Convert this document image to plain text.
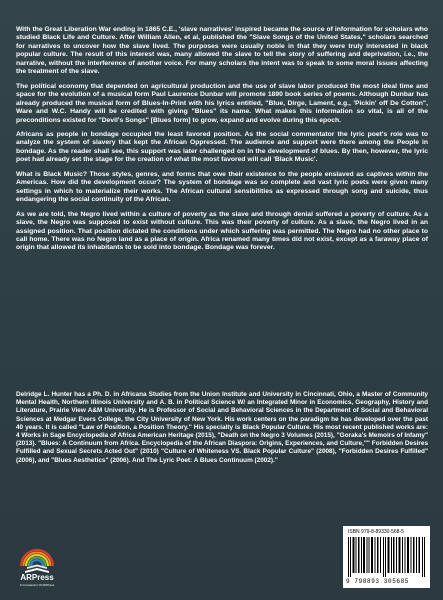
With the Great Liberation War ending in 1865 C.E., 'slave narratives' inspired became the source of information for scholars who studied Black Life and Culture. After William Allen, et al, published the "Slave Songs of the United States," scholars searched for narratives to uncover how the slave lived. The purposes were usually noble in that they were truly interested in black popular culture. The result of this interest was, many allowed the slave to tell the story of suffering and deprivation, i.e., the narrative, without the interference of another voice. For many scholars the intent was to speak to some moral issues affecting the treatment of the slave.

The political economy that depended on agricultural production and the use of slave labor produced the most ideal time and space for the evolution of a musical form Paul Laurence Dunbar will promote 1890 book series of poems. Although Dunbar has already produced the musical form of Blues-In-Print with his lyrics entitled, "Blue, Dirge, Lament, e.g., 'Pickin' off De Cotton", Ware and W.C. Handy will be credited with giving "Blues" its name. What makes this information so vital, is all of the preconditions existed for "Devil's Songs" [Blues form] to grow, expand and evolve during this epoch.

Africans as people in bondage occupied the least favored position. As the social commentator the lyric poet's role was to analyze the system of slavery that kept the African Oppressed. The audience and support were there among the People in bondage. As the reader shall see, this support was later challenged on in the development of blues. By then, however, the lyric poet had already set the stage for the creation of what the most favored will call 'Black Music'.

What is Black Music? Those styles, genres, and forms that owe their existence to the people enslaved as captives within the Americas. How did the development occur? The system of bondage was so complete and vast lyric poets were given many settings in which to materialize their works. The African cultural sensibilities as expressed through song and suicide, thus endangering the social continuity of the African.

As we are told, the Negro lived within a culture of poverty as the slave and through denial suffered a poverty of culture. As a slave, the Negro was supposed to exist without culture. This was their poverty of culture. As a slave, the Negro lived in an assigned position. That position dictated the conditions under which suffering was permitted. The Negro had no other place to call home. There was no Negro land as a place of origin. Africa renamed many times did not exist, except as a faraway place of origin that allowed its inhabitants to be sold into bondage. Bondage was forever.

Delridge L. Hunter has a Ph. D. in Africana Studies from the Union Institute and University in Cincinnati, Ohio, a Master of Community Mental Health, Northern Illinois University and A. B. in Political Science W/ an Integrated Minor in Economics, Geography, History and Literature, Prairie View A&M University. He is Professor of Social and Behavioral Sciences in the Department of Social and Behavioral Sciences at Medgar Evers College, the City University of New York. His work centers on the paradigm he has developed over the past 40 years. It is called "Law of Position, a Position Theory." His specialty is Black Popular Culture. His most recent published works are: 4 Works in Sage Encyclopedia of Africa American Heritage (2015), "Death on the Negro 3 Volumes (2015), "Goraka's Memoirs of Infamy" (2013). "Blues: A Continuum from Africa. Encyclopedia of the African Diaspora: Origins, Experiences, and Culture,"" Forbidden Desires Fulfilled and Sexual Secrets Acted Out" (2010) "Culture of Whiteness VS. Black Popular Culture" (2008), "Forbidden Desires Fulfilled" (2006), and "Blues Aesthetics" (2006). And The Lyric Poet: A Blues Continuum (2002)."

ARPress
A Companion Of ARPress
ISBN 979-8-89330-568-5
9 798893 305685
